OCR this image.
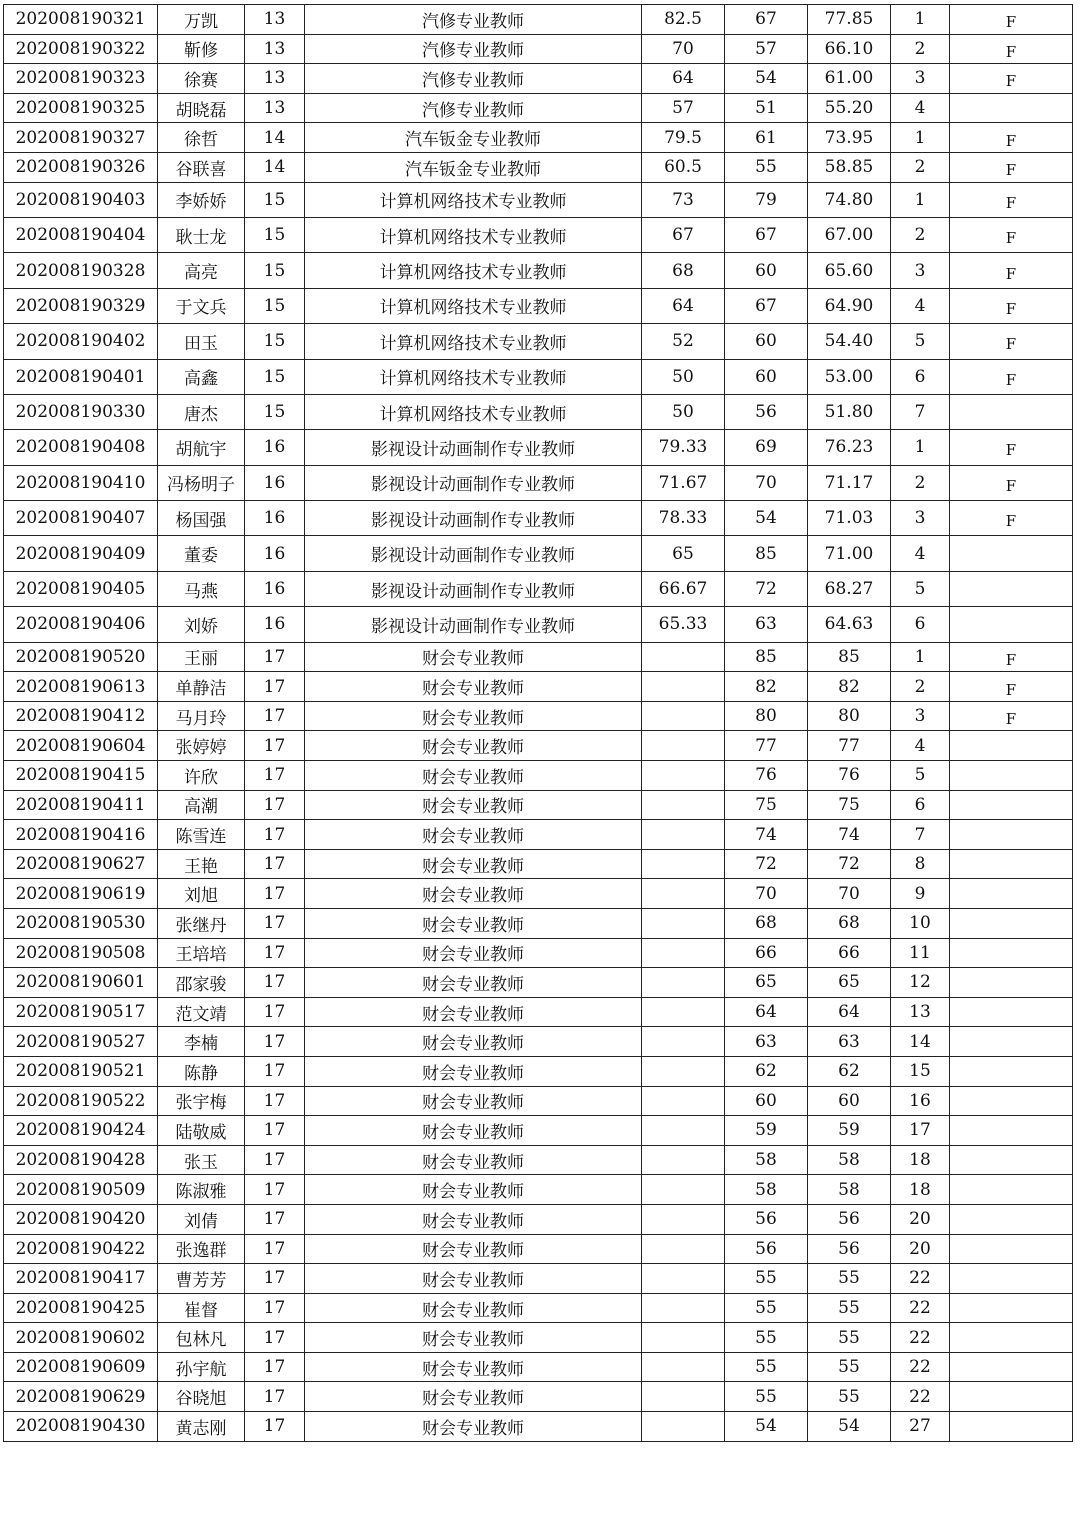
202008190321	万凯	13	汽修专业教师	82.5	67	77.85	1	F
202008190322	靳修	13	汽修专业教师	70	57	66.10	2	F
202008190323	徐赛	13	汽修专业教师	64	54	61.00	3	F
202008190325	胡晓磊	13	汽修专业教师	57	51	55.20	4	
202008190327	徐哲	14	汽车钣金专业教师	79.5	61	73.95	1	F
202008190326	谷联喜	14	汽车钣金专业教师	60.5	55	58.85	2	F
202008190403	李娇娇	15	计算机网络技术专业教师	73	79	74.80	1	F
202008190404	耿士龙	15	计算机网络技术专业教师	67	67	67.00	2	F
202008190328	高亮	15	计算机网络技术专业教师	68	60	65.60	3	F
202008190329	于文兵	15	计算机网络技术专业教师	64	67	64.90	4	F
202008190402	田玉	15	计算机网络技术专业教师	52	60	54.40	5	F
202008190401	高鑫	15	计算机网络技术专业教师	50	60	53.00	6	F
202008190330	唐杰	15	计算机网络技术专业教师	50	56	51.80	7	
202008190408	胡航宇	16	影视设计动画制作专业教师	79.33	69	76.23	1	F
202008190410	冯杨明子	16	影视设计动画制作专业教师	71.67	70	71.17	2	F
202008190407	杨国强	16	影视设计动画制作专业教师	78.33	54	71.03	3	F
202008190409	董委	16	影视设计动画制作专业教师	65	85	71.00	4	
202008190405	马燕	16	影视设计动画制作专业教师	66.67	72	68.27	5	
202008190406	刘娇	16	影视设计动画制作专业教师	65.33	63	64.63	6	
202008190520	王丽	17	财会专业教师		85	85	1	F
202008190613	单静洁	17	财会专业教师		82	82	2	F
202008190412	马月玲	17	财会专业教师		80	80	3	F
202008190604	张婷婷	17	财会专业教师		77	77	4	
202008190415	许欣	17	财会专业教师		76	76	5	
202008190411	高潮	17	财会专业教师		75	75	6	
202008190416	陈雪连	17	财会专业教师		74	74	7	
202008190627	王艳	17	财会专业教师		72	72	8	
202008190619	刘旭	17	财会专业教师		70	70	9	
202008190530	张继丹	17	财会专业教师		68	68	10	
202008190508	王培培	17	财会专业教师		66	66	11	
202008190601	邵家骏	17	财会专业教师		65	65	12	
202008190517	范文靖	17	财会专业教师		64	64	13	
202008190527	李楠	17	财会专业教师		63	63	14	
202008190521	陈静	17	财会专业教师		62	62	15	
202008190522	张宇梅	17	财会专业教师		60	60	16	
202008190424	陆敬威	17	财会专业教师		59	59	17	
202008190428	张玉	17	财会专业教师		58	58	18	
202008190509	陈淑雅	17	财会专业教师		58	58	18	
202008190420	刘倩	17	财会专业教师		56	56	20	
202008190422	张逸群	17	财会专业教师		56	56	20	
202008190417	曹芳芳	17	财会专业教师		55	55	22	
202008190425	崔督	17	财会专业教师		55	55	22	
202008190602	包林凡	17	财会专业教师		55	55	22	
202008190609	孙宇航	17	财会专业教师		55	55	22	
202008190629	谷晓旭	17	财会专业教师		55	55	22	
202008190430	黄志刚	17	财会专业教师		54	54	27	
